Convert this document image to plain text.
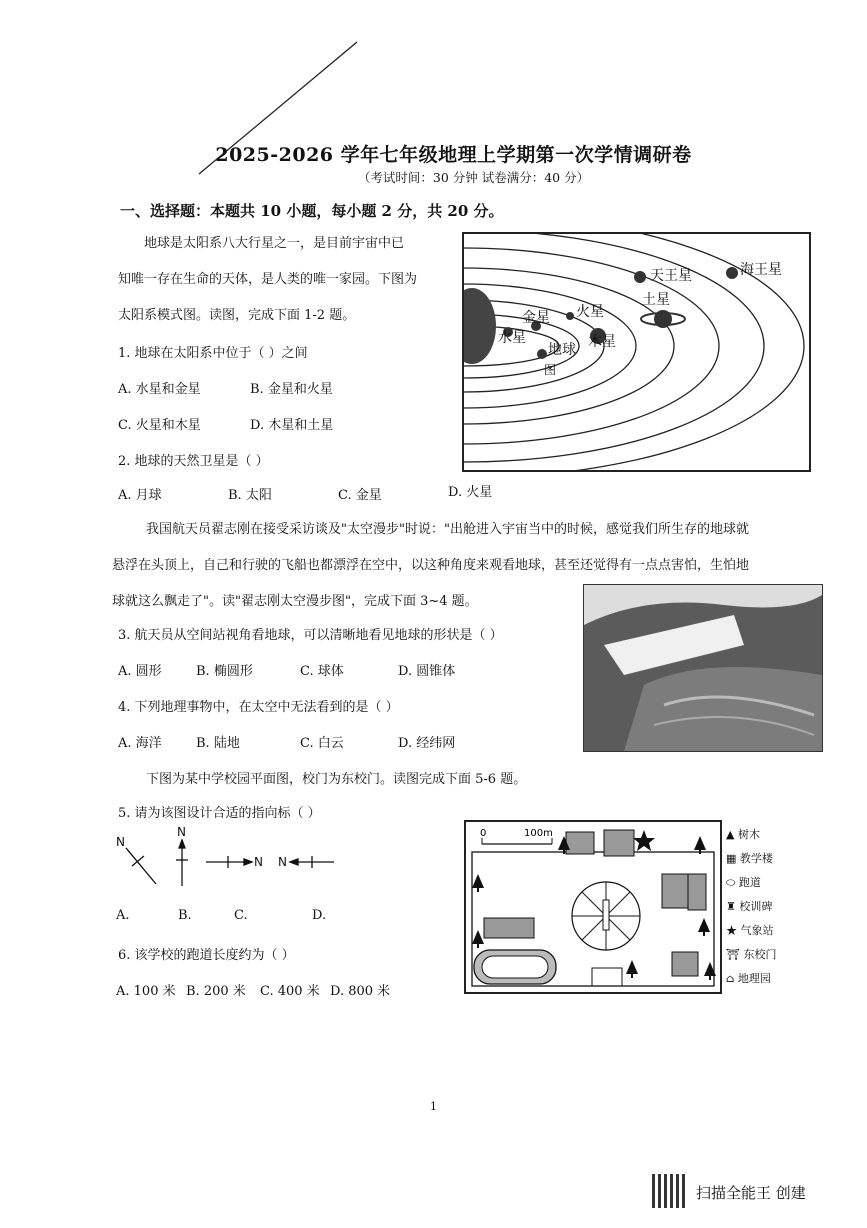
2025-2026 学年七年级地理上学期第一次学情调研卷
（考试时间：30 分钟 试卷满分：40 分）
一、选择题：本题共 10 小题，每小题 2 分，共 20 分。
地球是太阳系八大行星之一，是目前宇宙中已
知唯一存在生命的天体，是人类的唯一家园。下图为
太阳系模式图。读图，完成下面 1-2 题。
水星
金星
地球
火星
木星
土星
天王星	海王星
图
1. 地球在太阳系中位于（ ）之间
A. 水星和金星	B. 金星和火星
C. 火星和木星	D. 木星和土星
2. 地球的天然卫星是（ ）
A. 月球	B. 太阳	C. 金星	D. 火星
我国航天员翟志刚在接受采访谈及"太空漫步"时说："出舱进入宇宙当中的时候，感觉我们所生存的地球就
悬浮在头顶上，自己和行驶的飞船也都漂浮在空中，以这种角度来观看地球，甚至还觉得有一点点害怕，生怕地
球就这么飘走了"。读"翟志刚太空漫步图"，完成下面 3~4 题。
3. 航天员从空间站视角看地球，可以清晰地看见地球的形状是（ ）
A. 圆形	B. 椭圆形	C. 球体	D. 圆锥体
4. 下列地理事物中，在太空中无法看到的是（ ）
A. 海洋	B. 陆地	C. 白云	D. 经纬网
下图为某中学校园平面图，校门为东校门。读图完成下面 5-6 题。
5. 请为该图设计合适的指向标（ ）
N
N
N N
A.	B.	C.	D.
6. 该学校的跑道长度约为（ ）
A. 100 米 B. 200 米 C. 400 米 D. 800 米
0	100m	▲ 树木
▦ 教学楼
⬭ 跑道
♜ 校训碑
★ 气象站
⛩ 东校门
⌂ 地理园
1
扫描全能王 创建
